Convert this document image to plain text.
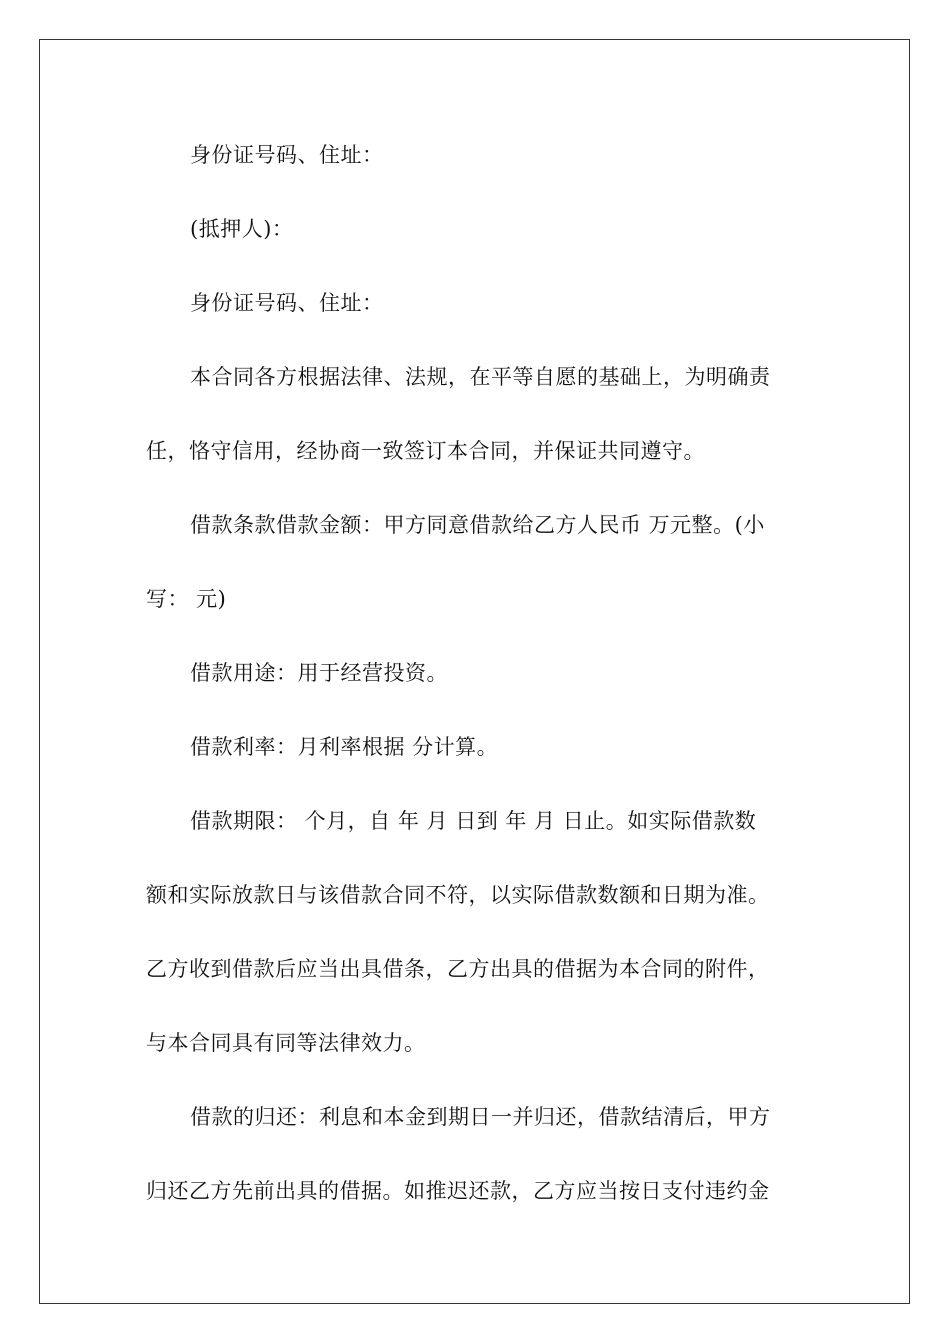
身份证号码、住址：
(抵押人)：
身份证号码、住址：
本合同各方根据法律、法规，在平等自愿的基础上，为明确责
任，恪守信用，经协商一致签订本合同，并保证共同遵守。
借款条款借款金额：甲方同意借款给乙方人民币 万元整。(小
写： 元)
借款用途：用于经营投资。
借款利率：月利率根据 分计算。
借款期限： 个月，自 年 月 日到 年 月 日止。如实际借款数
额和实际放款日与该借款合同不符，以实际借款数额和日期为准。
乙方收到借款后应当出具借条，乙方出具的借据为本合同的附件，
与本合同具有同等法律效力。
借款的归还：利息和本金到期日一并归还，借款结清后，甲方
归还乙方先前出具的借据。如推迟还款，乙方应当按日支付违约金
